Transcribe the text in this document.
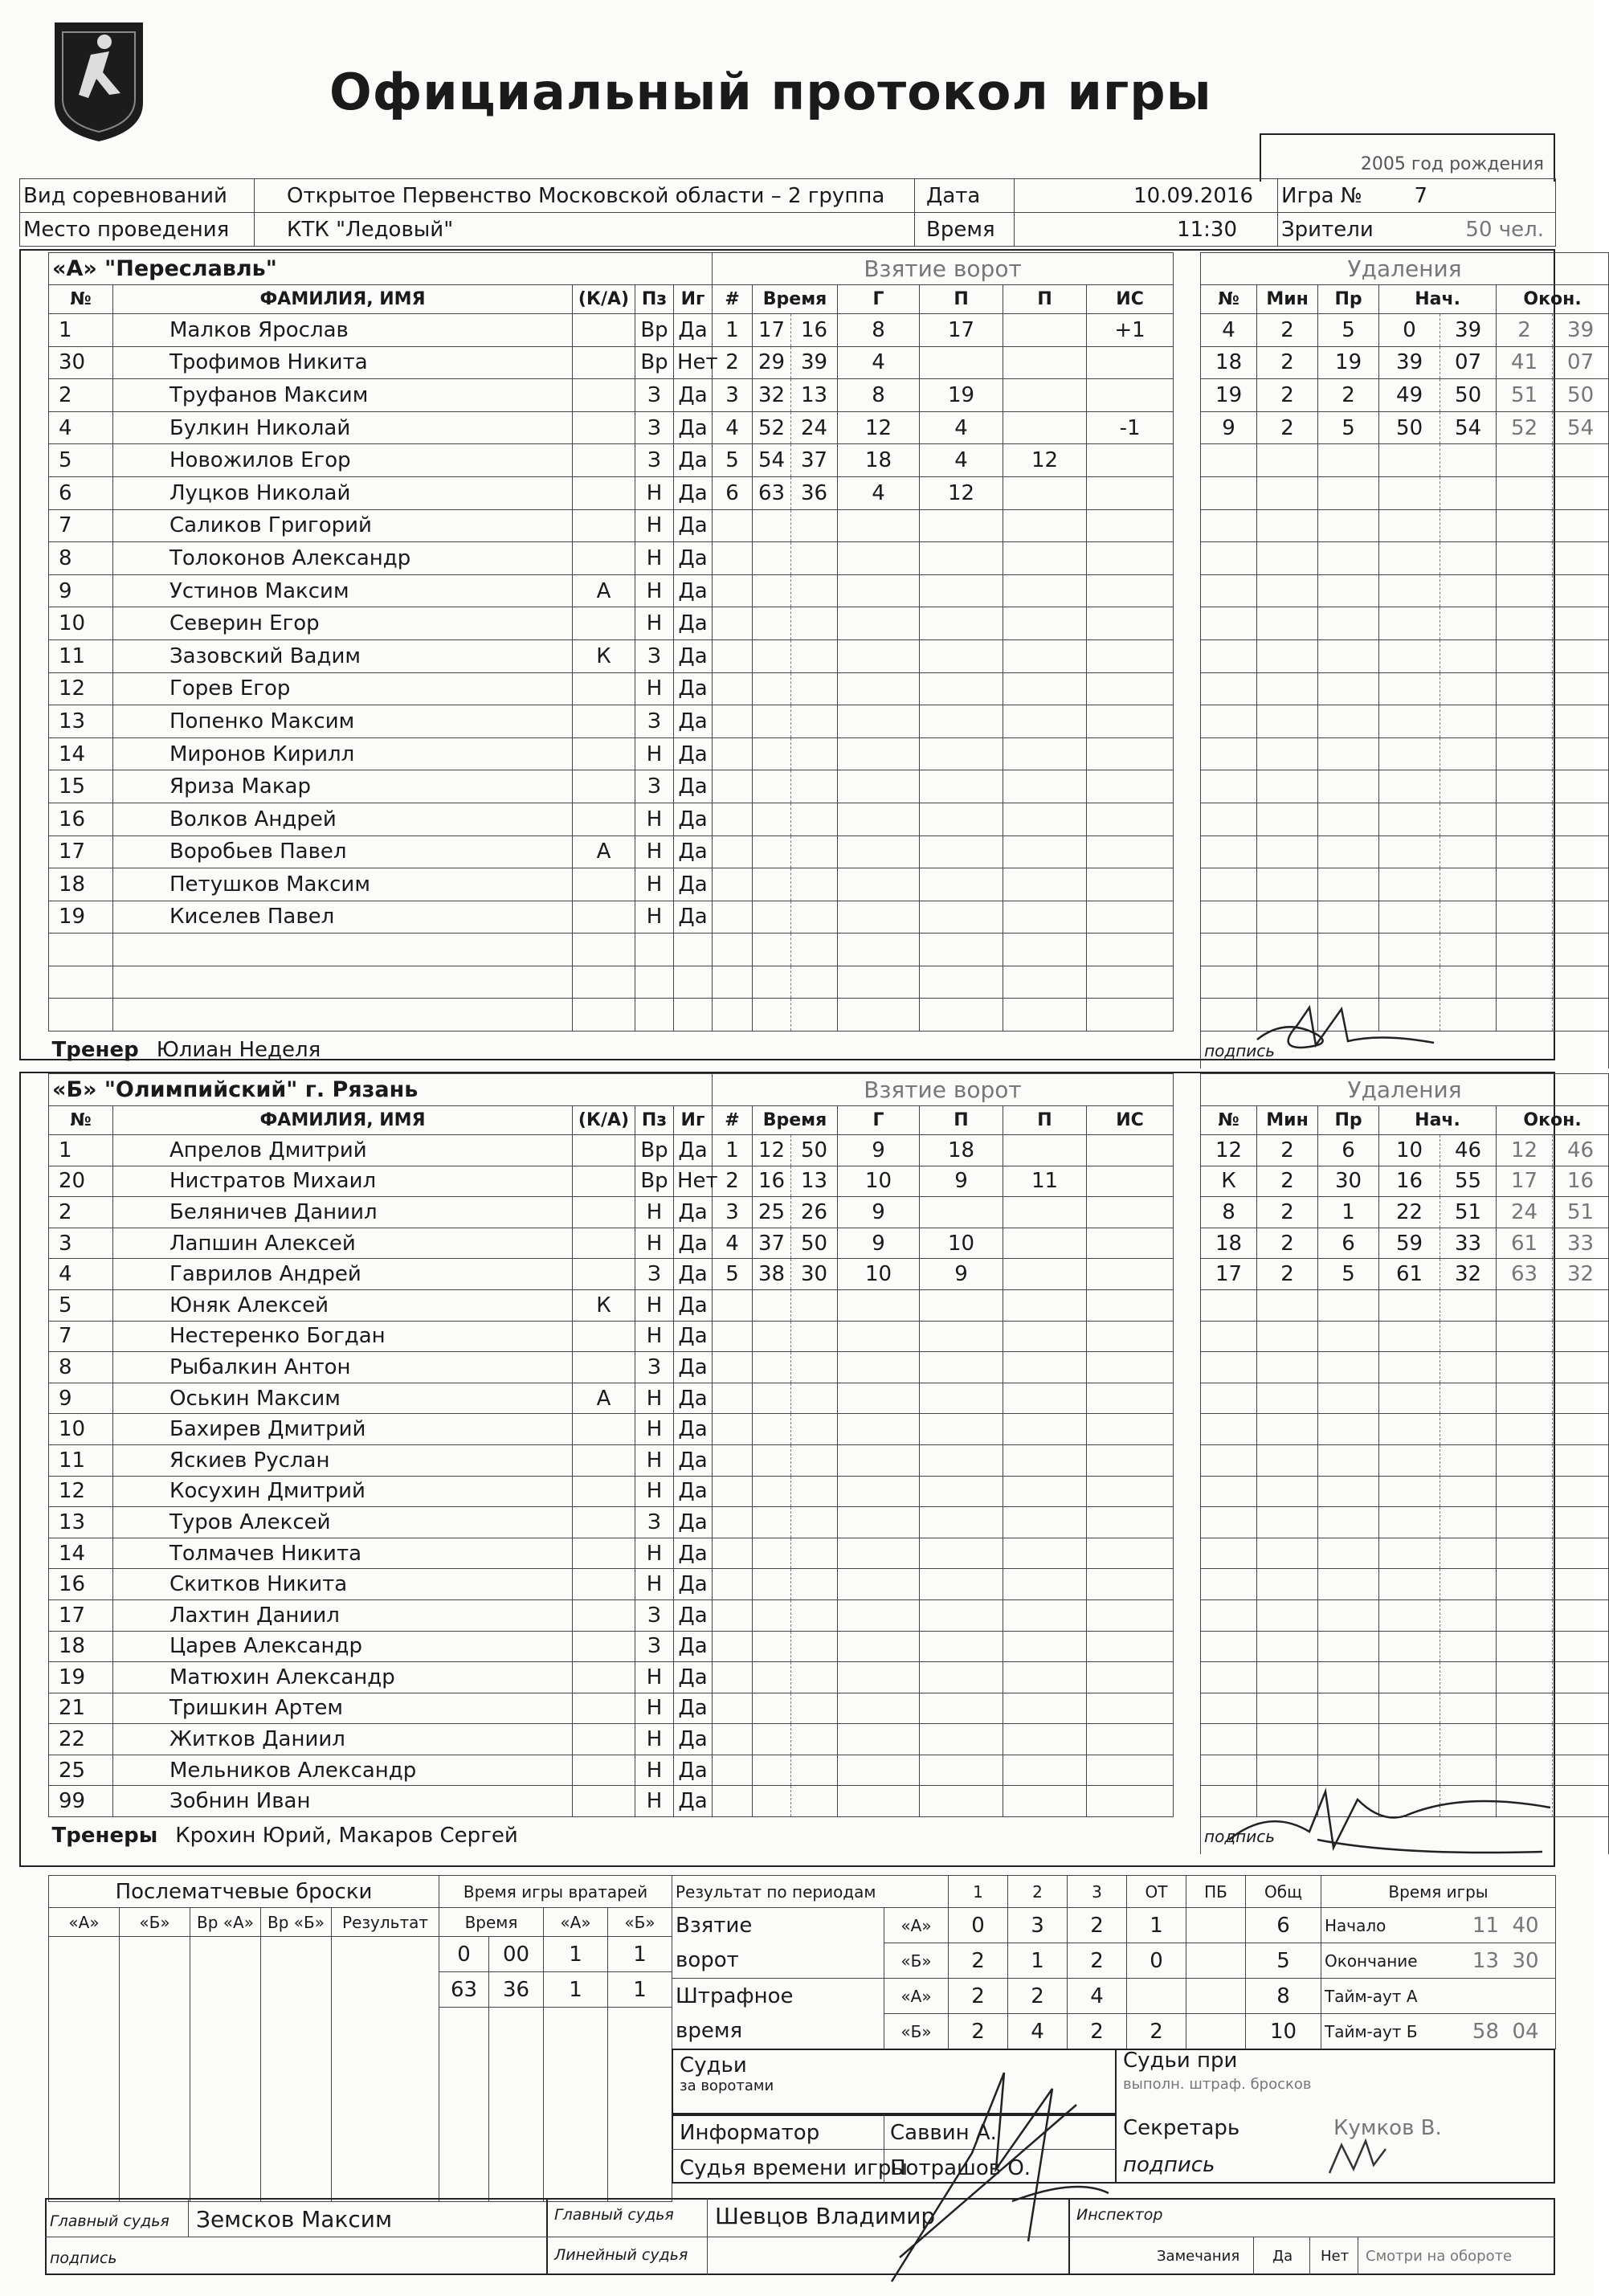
Официальный протокол игры
2005 год рождения
Вид соревнований	Открытое Первенство Московской области – 2 группа	Дата	10.09.2016	Игра №	7
Место проведения	КТК "Ледовый"	Время	11:30	Зрители	50 чел.
«А» "Переславль"					Взятие ворот								Удаления						
№	ФАМИЛИЯ, ИМЯ	(К/А)	Пз	Иг	#	Время		Г	П	П	ИС		№	Мин	Пр	Нач.		Окон.	
1	Малков Ярослав		Вр	Да	1	17	16	8	17		+1		4	2	5	0	39	2	39
30	Трофимов Никита		Вр	Нет	2	29	39	4					18	2	19	39	07	41	07
2	Труфанов Максим		З	Да	3	32	13	8	19				19	2	2	49	50	51	50
4	Булкин Николай		З	Да	4	52	24	12	4		-1		9	2	5	50	54	52	54
5	Новожилов Егор		З	Да	5	54	37	18	4	12									
6	Луцков Николай		Н	Да	6	63	36	4	12										
7	Саликов Григорий		Н	Да															
8	Толоконов Александр		Н	Да															
9	Устинов Максим	А	Н	Да															
10	Северин Егор		Н	Да															
11	Зазовский Вадим	К	З	Да															
12	Горев Егор		Н	Да															
13	Попенко Максим		З	Да															
14	Миронов Кирилл		Н	Да															
15	Яриза Макар		З	Да															
16	Волков Андрей		Н	Да															
17	Воробьев Павел	А	Н	Да															
18	Петушков Максим		Н	Да															
19	Киселев Павел		Н	Да															

Тренер Юлиан Неделя													подпись						
«Б» "Олимпийский" г. Рязань					Взятие ворот								Удаления						
№	ФАМИЛИЯ, ИМЯ	(К/А)	Пз	Иг	#	Время		Г	П	П	ИС		№	Мин	Пр	Нач.		Окон.	
1	Апрелов Дмитрий		Вр	Да	1	12	50	9	18				12	2	6	10	46	12	46
20	Нистратов Михаил		Вр	Нет	2	16	13	10	9	11			К	2	30	16	55	17	16
2	Беляничев Даниил		Н	Да	3	25	26	9					8	2	1	22	51	24	51
3	Лапшин Алексей		Н	Да	4	37	50	9	10				18	2	6	59	33	61	33
4	Гаврилов Андрей		З	Да	5	38	30	10	9				17	2	5	61	32	63	32
5	Юняк Алексей	К	Н	Да															
7	Нестеренко Богдан		Н	Да															
8	Рыбалкин Антон		З	Да															
9	Оськин Максим	А	Н	Да															
10	Бахирев Дмитрий		Н	Да															
11	Яскиев Руслан		Н	Да															
12	Косухин Дмитрий		Н	Да															
13	Туров Алексей		З	Да															
14	Толмачев Никита		Н	Да															
16	Скитков Никита		Н	Да															
17	Лахтин Даниил		З	Да															
18	Царев Александр		З	Да															
19	Матюхин Александр		Н	Да															
21	Тришкин Артем		Н	Да															
22	Житков Даниил		Н	Да															
25	Мельников Александр		Н	Да															
99	Зобнин Иван		Н	Да															
Тренеры Крохин Юрий, Макаров Сергей													подпись						
Послематчевые броски				
«А»	«Б»	Вр «А»	Вр «Б»	Результат

Время игры вратарей			
Время		«А»	«Б»
0	00	1	1
63	36	1	1

Результат по периодам		1	2	3	ОТ	ПБ	Общ
Взятие	«А»	0	3	2	1		6
ворот	«Б»	2	1	2	0		5
Штрафное	«А»	2	2	4			8
время	«Б»	2	4	2	2		10
Время игры	
Начало	11  40
Окончание	13  30
Тайм-аут А	
Тайм-аут Б	58  04
Судьи
за воротами
Судьи при
выполн. штраф. бросков
Информатор	Саввин А.
Судья времени игры
Потрашов О.
Секретарь	Кумков В.
подпись
Главный судья Земсков Максим
подпись
Главный судья Шевцов Владимир
Линейный судья
Инспектор
Замечания Да Нет Смотри на обороте
